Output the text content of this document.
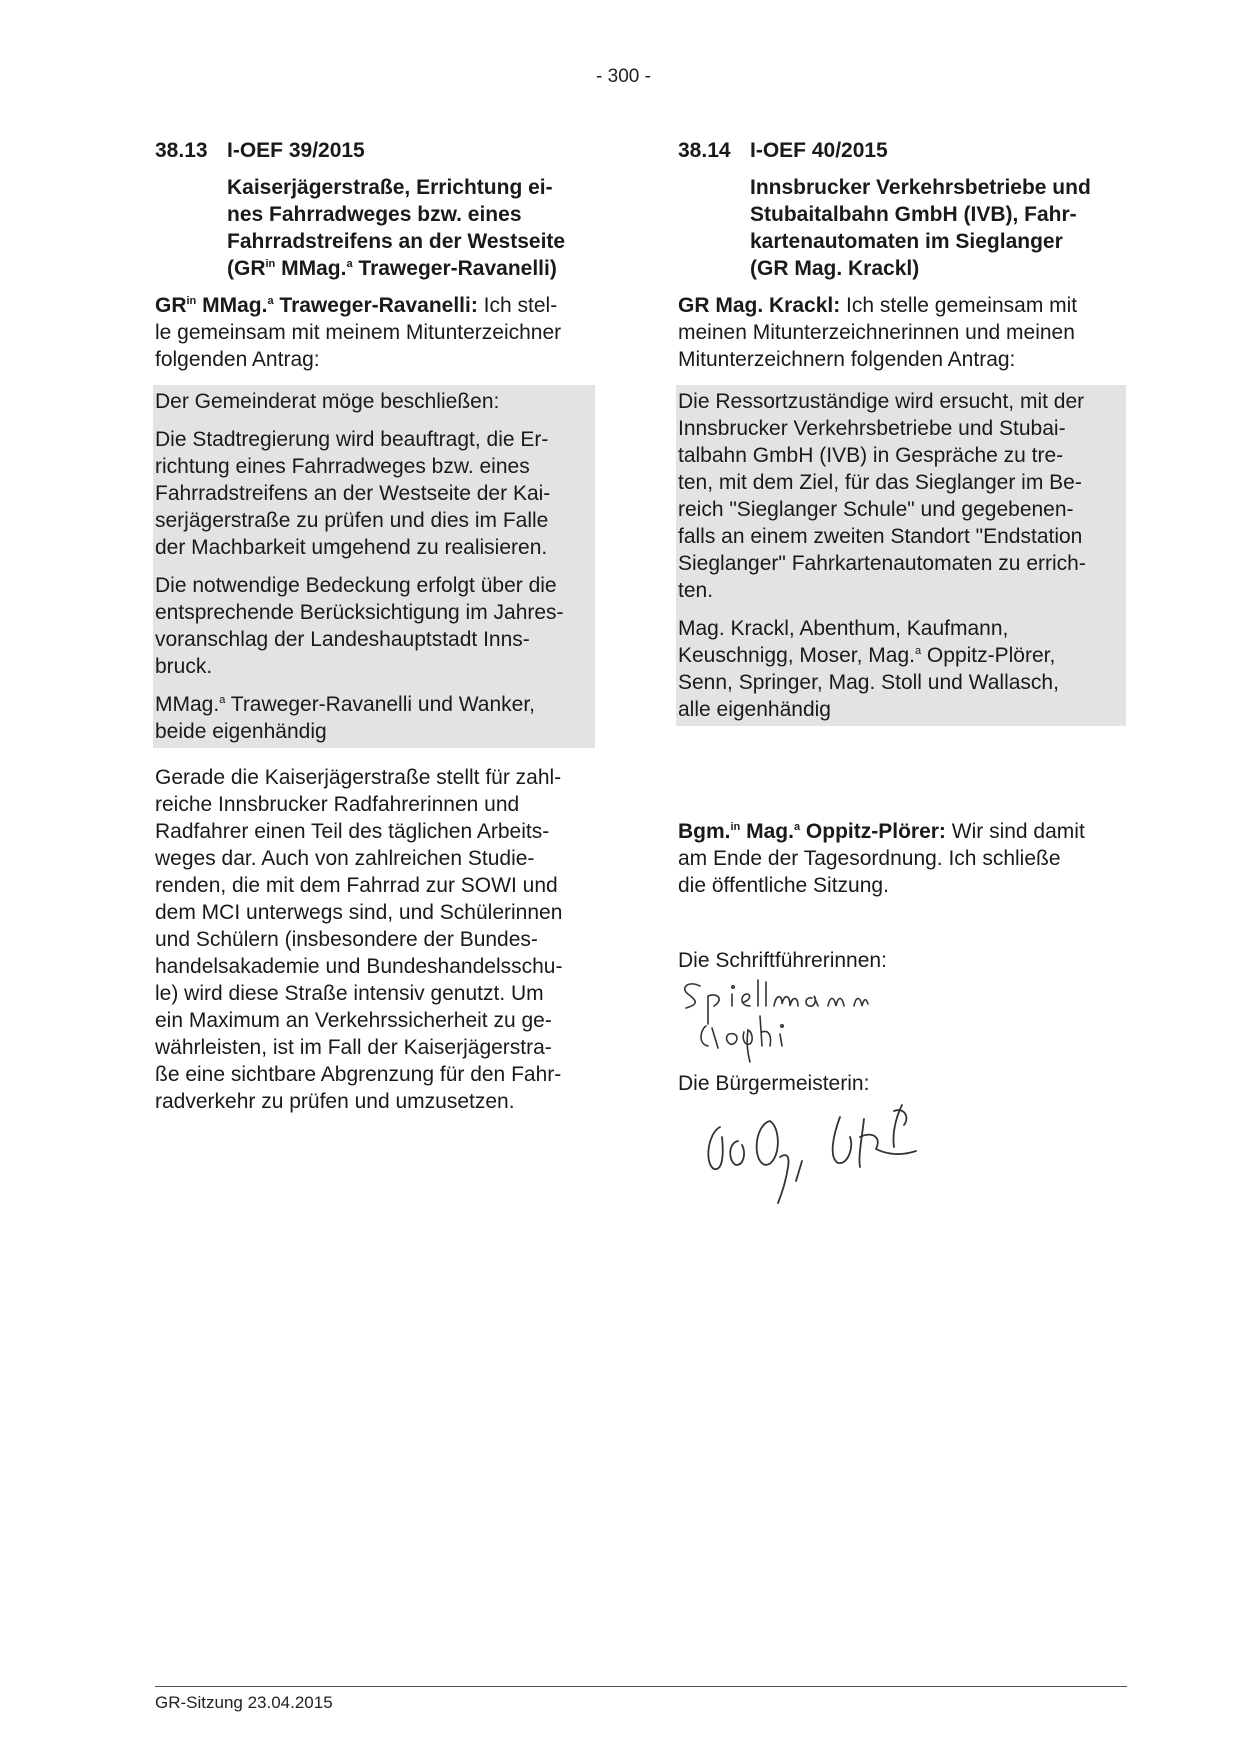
- 300 -
38.13 I-OEF 39/2015
Kaiserjägerstraße, Errichtung ei-
nes Fahrradweges bzw. eines
Fahrradstreifens an der Westseite
($GR^{in}$ MMag.$^a$ Traweger-Ravanelli)

$GR^{in}$ MMag.$^a$ Traweger-Ravanelli: Ich stel-
le gemeinsam mit meinem Mitunterzeichner
folgenden Antrag:

Der Gemeinderat möge beschließen:

Die Stadtregierung wird beauftragt, die Er-
richtung eines Fahrradweges bzw. eines
Fahrradstreifens an der Westseite der Kai-
serjägerstraße zu prüfen und dies im Falle
der Machbarkeit umgehend zu realisieren.

Die notwendige Bedeckung erfolgt über die
entsprechende Berücksichtigung im Jahres-
voranschlag der Landeshauptstadt Inns-
bruck.

MMag.$^a$ Traweger-Ravanelli und Wanker,
beide eigenhändig

Gerade die Kaiserjägerstraße stellt für zahl-
reiche Innsbrucker Radfahrerinnen und
Radfahrer einen Teil des täglichen Arbeits-
weges dar. Auch von zahlreichen Studie-
renden, die mit dem Fahrrad zur SOWI und
dem MCI unterwegs sind, und Schülerinnen
und Schülern (insbesondere der Bundes-
handelsakademie und Bundeshandelsschu-
le) wird diese Straße intensiv genutzt. Um
ein Maximum an Verkehrssicherheit zu ge-
währleisten, ist im Fall der Kaiserjägerstra-
ße eine sichtbare Abgrenzung für den Fahr-
radverkehr zu prüfen und umzusetzen.

38.14 I-OEF 40/2015
Innsbrucker Verkehrsbetriebe und
Stubaitalbahn GmbH (IVB), Fahr-
kartenautomaten im Sieglanger
(GR Mag. Krackl)

GR Mag. Krackl: Ich stelle gemeinsam mit
meinen Mitunterzeichnerinnen und meinen
Mitunterzeichnern folgenden Antrag:

Die Ressortzuständige wird ersucht, mit der
Innsbrucker Verkehrsbetriebe und Stubai-
talbahn GmbH (IVB) in Gespräche zu tre-
ten, mit dem Ziel, für das Sieglanger im Be-
reich "Sieglanger Schule" und gegebenen-
falls an einem zweiten Standort "Endstation
Sieglanger" Fahrkartenautomaten zu errich-
ten.

Mag. Krackl, Abenthum, Kaufmann,
Keuschnigg, Moser, Mag.$^a$ Oppitz-Plörer,
Senn, Springer, Mag. Stoll und Wallasch,
alle eigenhändig

Bgm.$^{in}$ Mag.$^a$ Oppitz-Plörer: Wir sind damit
am Ende der Tagesordnung. Ich schließe
die öffentliche Sitzung.

Die Schriftführerinnen:

Die Bürgermeisterin:

GR-Sitzung 23.04.2015
